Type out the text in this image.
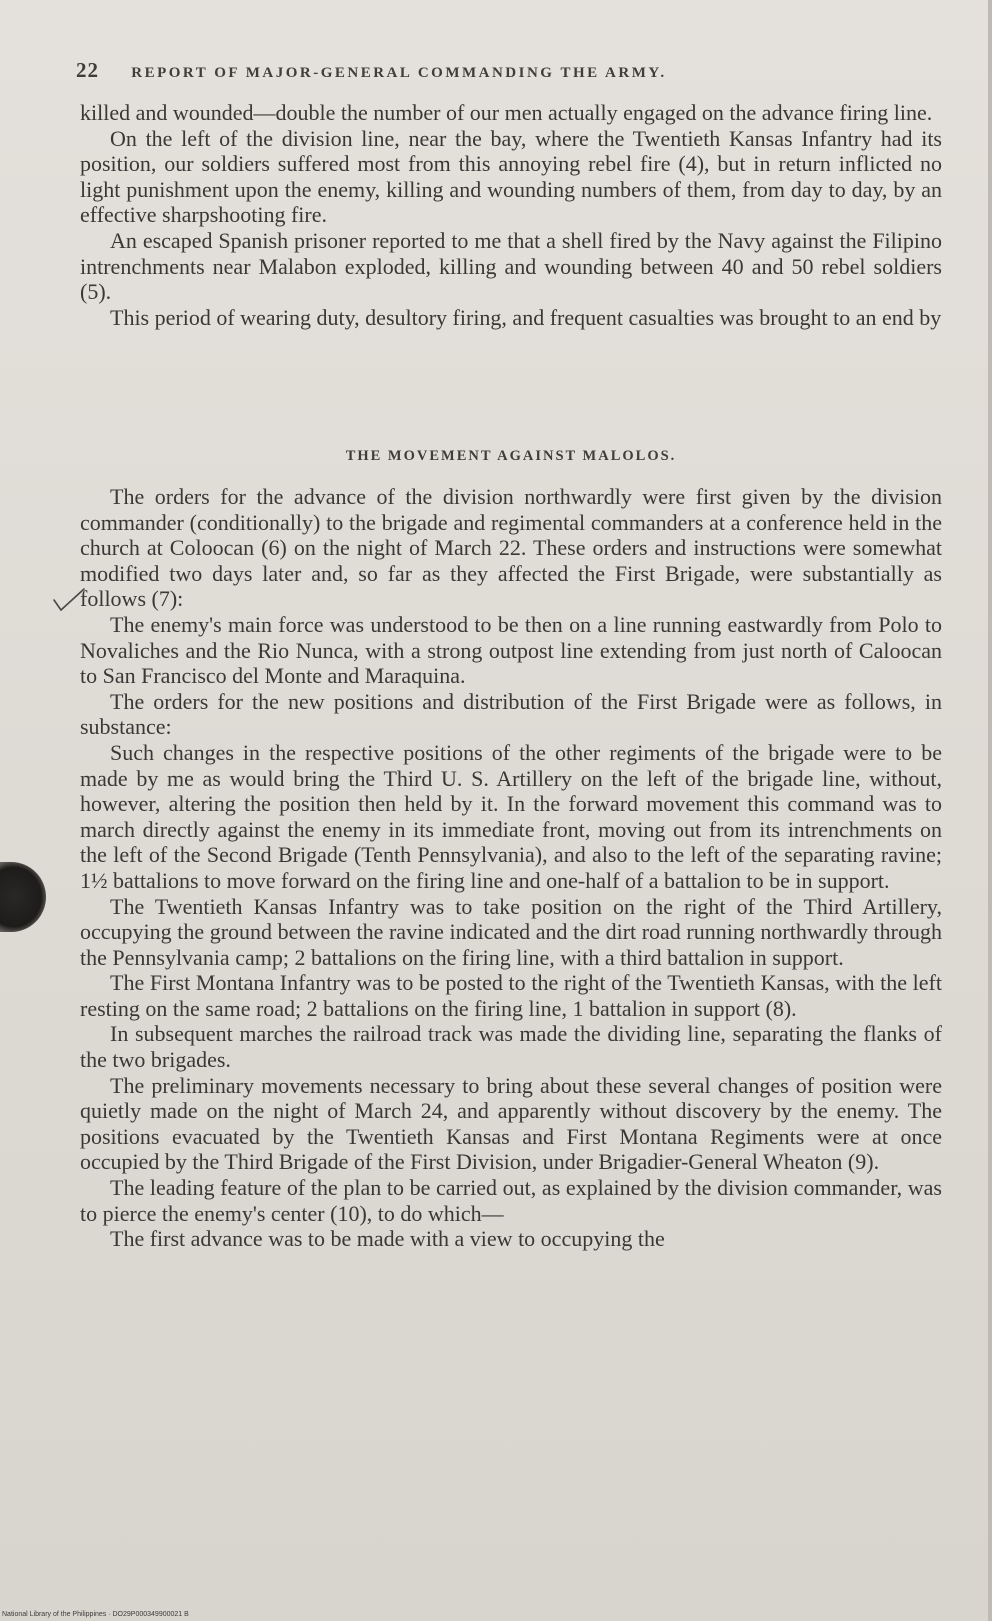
22 REPORT OF MAJOR-GENERAL COMMANDING THE ARMY.

killed and wounded—double the number of our men actually engaged on the advance firing line.

On the left of the division line, near the bay, where the Twentieth Kansas Infantry had its position, our soldiers suffered most from this annoying rebel fire (4), but in return inflicted no light punishment upon the enemy, killing and wounding numbers of them, from day to day, by an effective sharpshooting fire.

An escaped Spanish prisoner reported to me that a shell fired by the Navy against the Filipino intrenchments near Malabon exploded, killing and wounding between 40 and 50 rebel soldiers (5).

This period of wearing duty, desultory firing, and frequent casualties was brought to an end by

THE MOVEMENT AGAINST MALOLOS.

The orders for the advance of the division northwardly were first given by the division commander (conditionally) to the brigade and regimental commanders at a conference held in the church at Coloocan (6) on the night of March 22. These orders and instructions were somewhat modified two days later and, so far as they affected the First Brigade, were substantially as follows (7):

The enemy's main force was understood to be then on a line running eastwardly from Polo to Novaliches and the Rio Nunca, with a strong outpost line extending from just north of Caloocan to San Francisco del Monte and Maraquina.

The orders for the new positions and distribution of the First Brigade were as follows, in substance:

Such changes in the respective positions of the other regiments of the brigade were to be made by me as would bring the Third U. S. Artillery on the left of the brigade line, without, however, altering the position then held by it. In the forward movement this command was to march directly against the enemy in its immediate front, moving out from its intrenchments on the left of the Second Brigade (Tenth Pennsylvania), and also to the left of the separating ravine; 1½ battalions to move forward on the firing line and one-half of a battalion to be in support.

The Twentieth Kansas Infantry was to take position on the right of the Third Artillery, occupying the ground between the ravine indicated and the dirt road running northwardly through the Pennsylvania camp; 2 battalions on the firing line, with a third battalion in support.

The First Montana Infantry was to be posted to the right of the Twentieth Kansas, with the left resting on the same road; 2 battalions on the firing line, 1 battalion in support (8).

In subsequent marches the railroad track was made the dividing line, separating the flanks of the two brigades.

The preliminary movements necessary to bring about these several changes of position were quietly made on the night of March 24, and apparently without discovery by the enemy. The positions evacuated by the Twentieth Kansas and First Montana Regiments were at once occupied by the Third Brigade of the First Division, under Brigadier-General Wheaton (9).

The leading feature of the plan to be carried out, as explained by the division commander, was to pierce the enemy's center (10), to do which—

The first advance was to be made with a view to occupying the

National Library of the Philippines · DO29P000349900021 B
